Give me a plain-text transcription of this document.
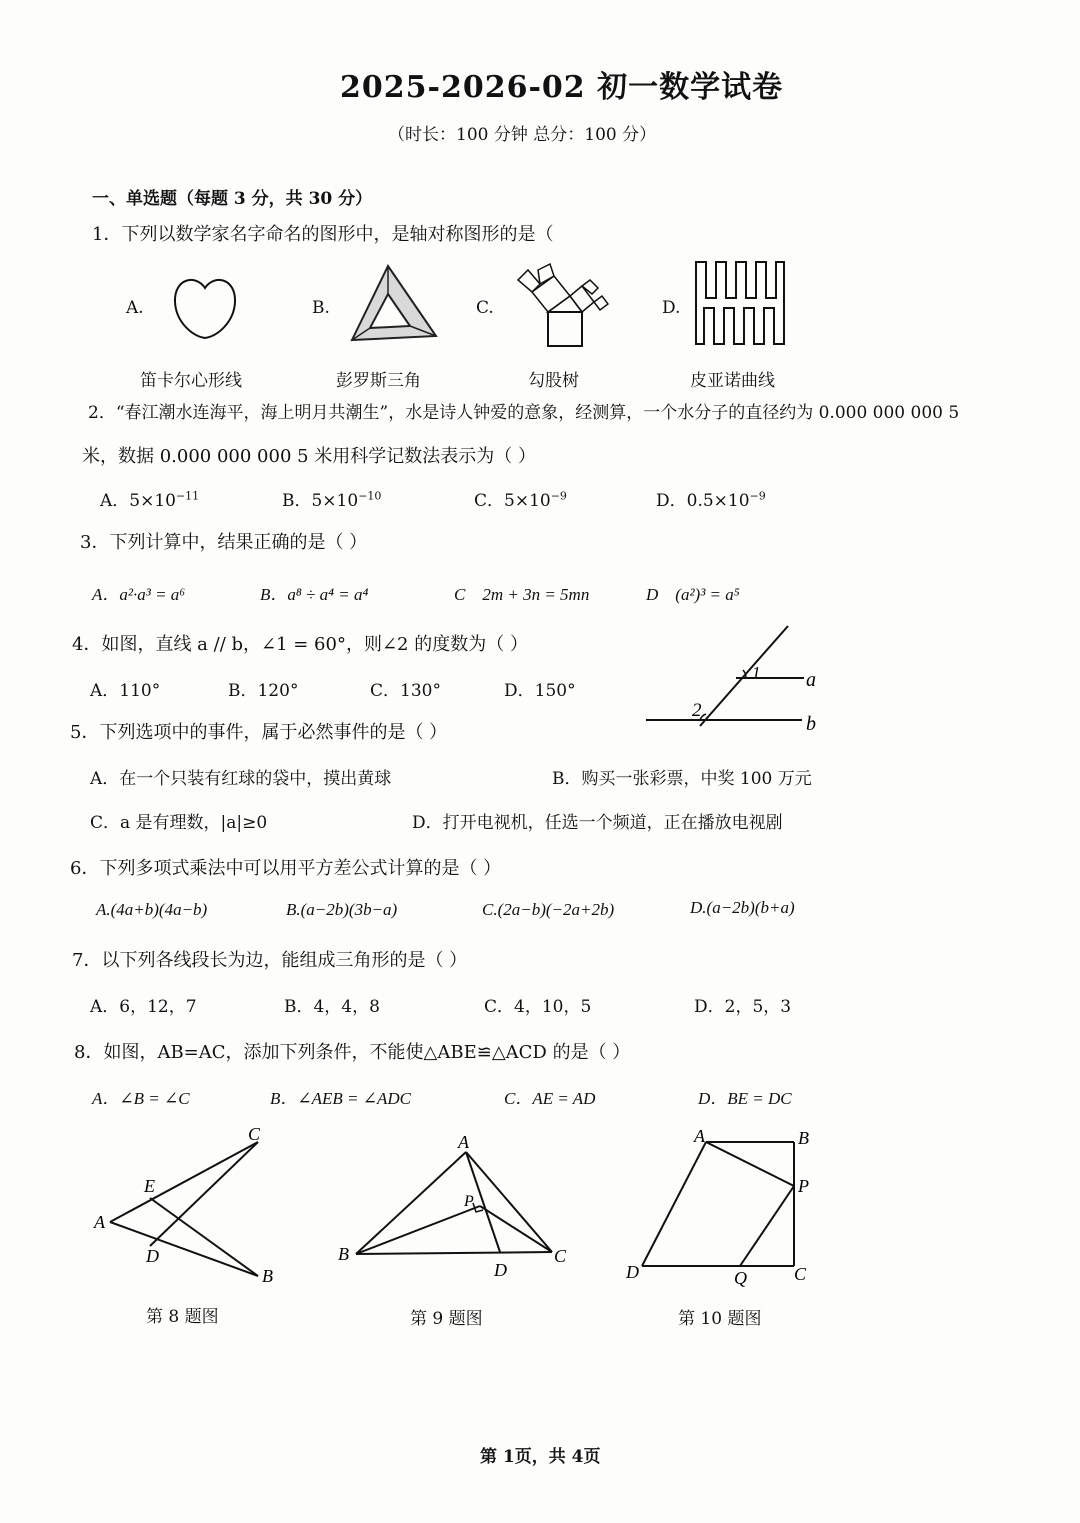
2025-2026-02 初一数学试卷
（时长：100 分钟 总分：100 分）
一、单选题（每题 3 分，共 30 分）
1．下列以数学家名字命名的图形中，是轴对称图形的是（
A.	B.	C.	D.
笛卡尔心形线	彭罗斯三角	勾股树	皮亚诺曲线
2．“春江潮水连海平，海上明月共潮生”，水是诗人钟爱的意象，经测算，一个水分子的直径约为 0.000 000 000 5
米，数据 0.000 000 000 5 米用科学记数法表示为（ ）
A．$5\times 10^{-11}$	B．$5\times 10^{-10}$	C．$5\times 10^{-9}$	D．$0.5\times 10^{-9}$
3．下列计算中，结果正确的是（ ）
A．a²·a³ = a⁶	B．a⁸ ÷ a⁴ = a⁴	C　2m + 3n = 5mn	D　(a²)³ = a⁵
4．如图，直线 a // b，∠1 = 60°，则∠2 的度数为（ ）
A．110°	B．120°	C．130°	D．150°
1
2
a
b
5．下列选项中的事件，属于必然事件的是（ ）
A．在一个只装有红球的袋中，摸出黄球	B．购买一张彩票，中奖 100 万元
C．a 是有理数，|a|≥0	D．打开电视机，任选一个频道，正在播放电视剧
6．下列多项式乘法中可以用平方差公式计算的是（ ）
A.(4a+b)(4a−b)	B.(a−2b)(3b−a)	C.(2a−b)(−2a+2b)	D.(a−2b)(b+a)
7．以下列各线段长为边，能组成三角形的是（ ）
A．6，12，7	B．4，4，8	C．4，10，5	D．2，5，3
8．如图，AB=AC，添加下列条件，不能使△ABE≌△ACD 的是（ ）
A．∠B = ∠C	B．∠AEB = ∠ADC	C．AE = AD	D．BE = DC
A
B
C
D
E
A
B	C
D
P
A	B
C
D
P
Q
第 8 题图	第 9 题图	第 10 题图
第 1页，共 4页
